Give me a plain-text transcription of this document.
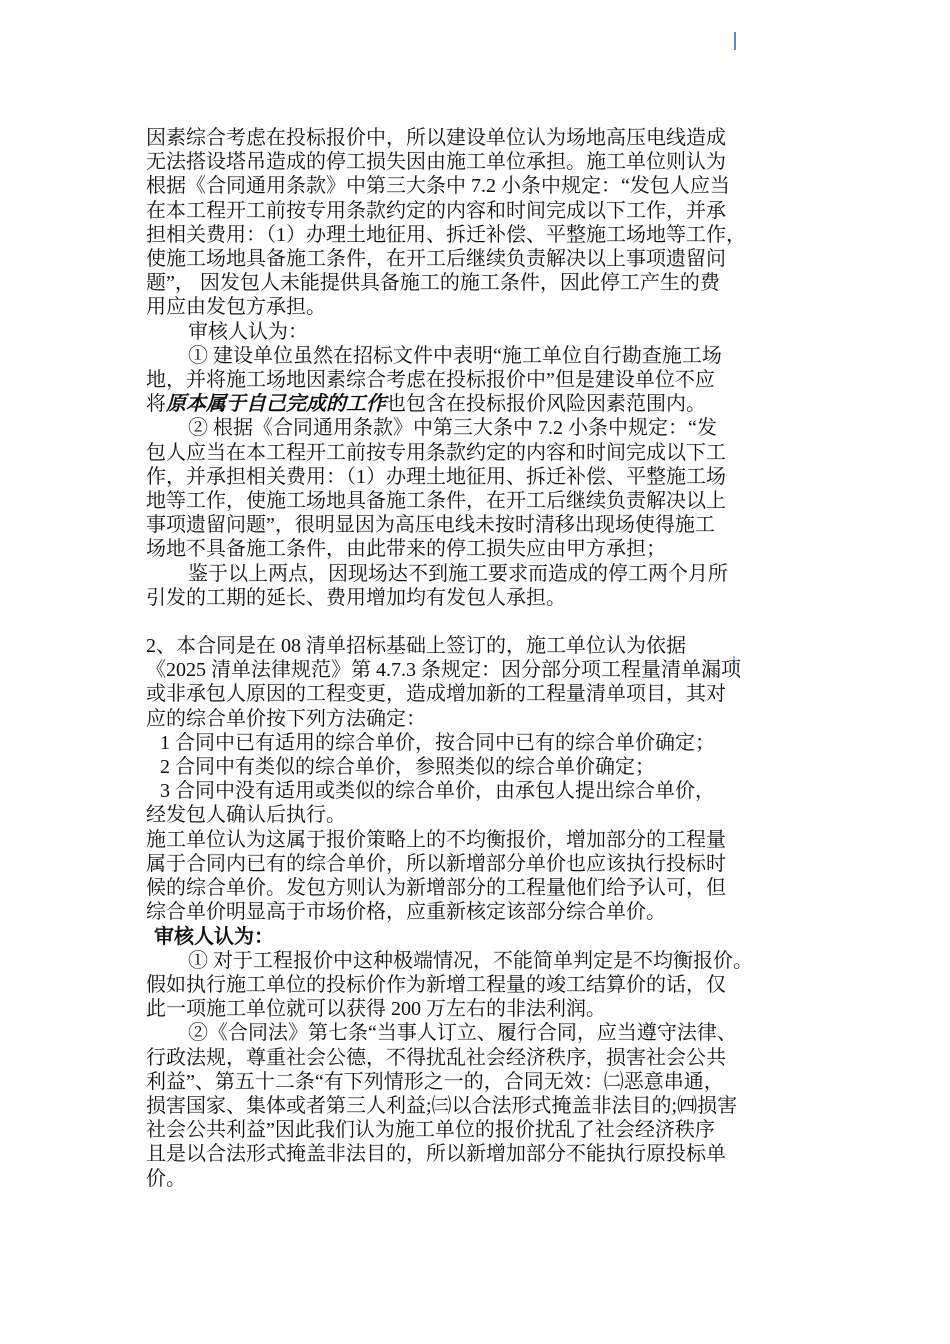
因素综合考虑在投标报价中，所以建设单位认为场地高压电线造成
无法搭设塔吊造成的停工损失因由施工单位承担。施工单位则认为
根据《合同通用条款》中第三大条中 7.2 小条中规定：“发包人应当
在本工程开工前按专用条款约定的内容和时间完成以下工作，并承
担相关费用：（1）办理土地征用、拆迁补偿、平整施工场地等工作，
使施工场地具备施工条件，在开工后继续负责解决以上事项遗留问
题”， 因发包人未能提供具备施工的施工条件，因此停工产生的费
用应由发包方承担。
审核人认为：
① 建设单位虽然在招标文件中表明“施工单位自行勘查施工场
地，并将施工场地因素综合考虑在投标报价中”但是建设单位不应
将原本属于自己完成的工作也包含在投标报价风险因素范围内。
② 根据《合同通用条款》中第三大条中 7.2 小条中规定：“发
包人应当在本工程开工前按专用条款约定的内容和时间完成以下工
作，并承担相关费用：（1）办理土地征用、拆迁补偿、平整施工场
地等工作，使施工场地具备施工条件，在开工后继续负责解决以上
事项遗留问题”，很明显因为高压电线未按时清移出现场使得施工
场地不具备施工条件，由此带来的停工损失应由甲方承担；
鉴于以上两点，因现场达不到施工要求而造成的停工两个月所
引发的工期的延长、费用增加均有发包人承担。
2、本合同是在 08 清单招标基础上签订的，施工单位认为依据
《2025 清单法律规范》第 4.7.3 条规定：因分部分项工程量清单漏项
或非承包人原因的工程变更，造成增加新的工程量清单项目，其对
应的综合单价按下列方法确定：
1 合同中已有适用的综合单价，按合同中已有的综合单价确定；
2 合同中有类似的综合单价，参照类似的综合单价确定；
3 合同中没有适用或类似的综合单价，由承包人提出综合单价，
经发包人确认后执行。
施工单位认为这属于报价策略上的不均衡报价，增加部分的工程量
属于合同内已有的综合单价，所以新增部分单价也应该执行投标时
候的综合单价。发包方则认为新增部分的工程量他们给予认可，但
综合单价明显高于市场价格，应重新核定该部分综合单价。
审核人认为：
① 对于工程报价中这种极端情况，不能简单判定是不均衡报价。
假如执行施工单位的投标价作为新增工程量的竣工结算价的话，仅
此一项施工单位就可以获得 200 万左右的非法利润。
②《合同法》第七条“当事人订立、履行合同，应当遵守法律、
行政法规，尊重社会公德，不得扰乱社会经济秩序，损害社会公共
利益”、第五十二条“有下列情形之一的，合同无效：㈡恶意串通，
损害国家、集体或者第三人利益;㈢以合法形式掩盖非法目的;㈣损害
社会公共利益”因此我们认为施工单位的报价扰乱了社会经济秩序
且是以合法形式掩盖非法目的，所以新增加部分不能执行原投标单
价。
